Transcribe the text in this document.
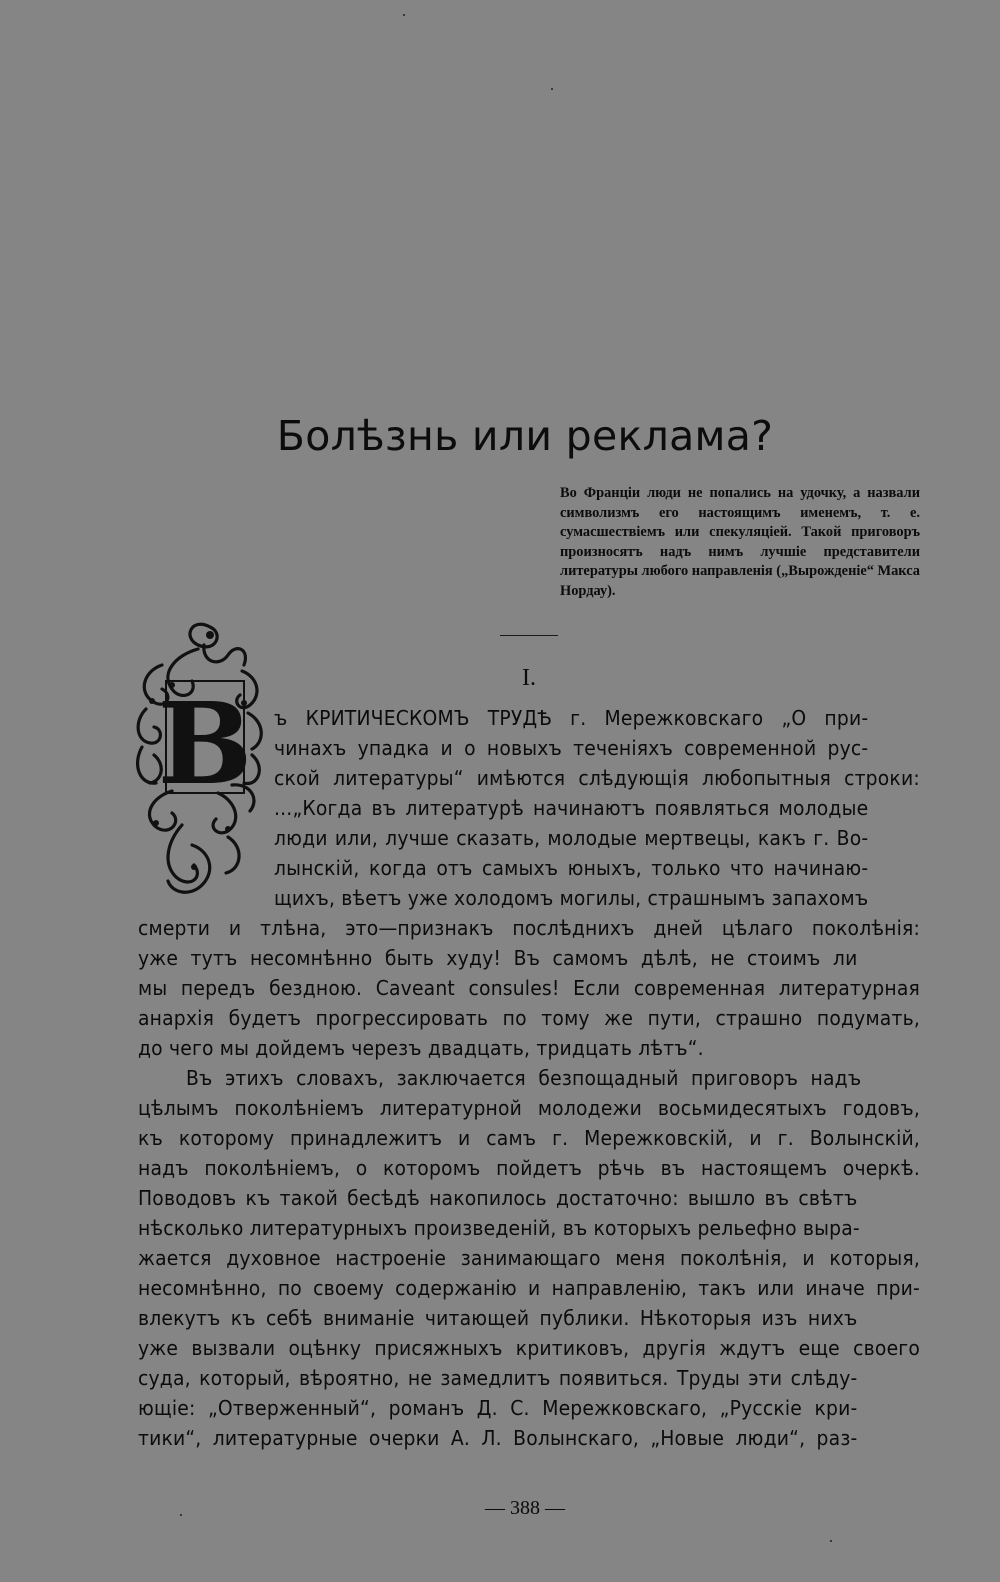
Болѣзнь или реклама?
Во Франціи люди не попались на удочку, а назвали символизмъ его настоящимъ именемъ, т. е. сумасшествіемъ или спекуляціей. Такой приговоръ произносятъ надъ нимъ лучшіе представители литературы любого направленія („Вырожденіе“ Макса Нордау).
I.
В ъ КРИТИЧЕСКОМЪ ТРУДѢ г. Мережковскаго „О при-
чинахъ упадка и о новыхъ теченіяхъ современной рус-
ской литературы“ имѣются слѣдующія любопытныя строки:
...„Когда въ литературѣ начинаютъ появляться молодые
люди или, лучше сказать, молодые мертвецы, какъ г. Во-
лынскій, когда отъ самыхъ юныхъ, только что начинаю-
щихъ, вѣетъ уже холодомъ могилы, страшнымъ запахомъ
смерти и тлѣна, это—признакъ послѣднихъ дней цѣлаго поколѣнія:
уже тутъ несомнѣнно быть худу! Въ самомъ дѣлѣ, не стоимъ ли
мы передъ бездною. Caveant consules! Если современная литературная
анархія будетъ прогрессировать по тому же пути, страшно подумать,
до чего мы дойдемъ черезъ двадцать, тридцать лѣтъ“.
Въ этихъ словахъ, заключается безпощадный приговоръ надъ
цѣлымъ поколѣніемъ литературной молодежи восьмидесятыхъ годовъ,
къ которому принадлежитъ и самъ г. Мережковскій, и г. Волынскій,
надъ поколѣніемъ, о которомъ пойдетъ рѣчь въ настоящемъ очеркѣ.
Поводовъ къ такой бесѣдѣ накопилось достаточно: вышло въ свѣтъ
нѣсколько литературныхъ произведеній, въ которыхъ рельефно выра-
жается духовное настроеніе занимающаго меня поколѣнія, и которыя,
несомнѣнно, по своему содержанію и направленію, такъ или иначе при-
влекутъ къ себѣ вниманіе читающей публики. Нѣкоторыя изъ нихъ
уже вызвали оцѣнку присяжныхъ критиковъ, другія ждутъ еще своего
суда, который, вѣроятно, не замедлитъ появиться. Труды эти слѣду-
ющіе: „Отверженный“, романъ Д. С. Мережковскаго, „Русскіе кри-
тики“, литературные очерки А. Л. Волынскаго, „Новые люди“, раз-
— 388 —
